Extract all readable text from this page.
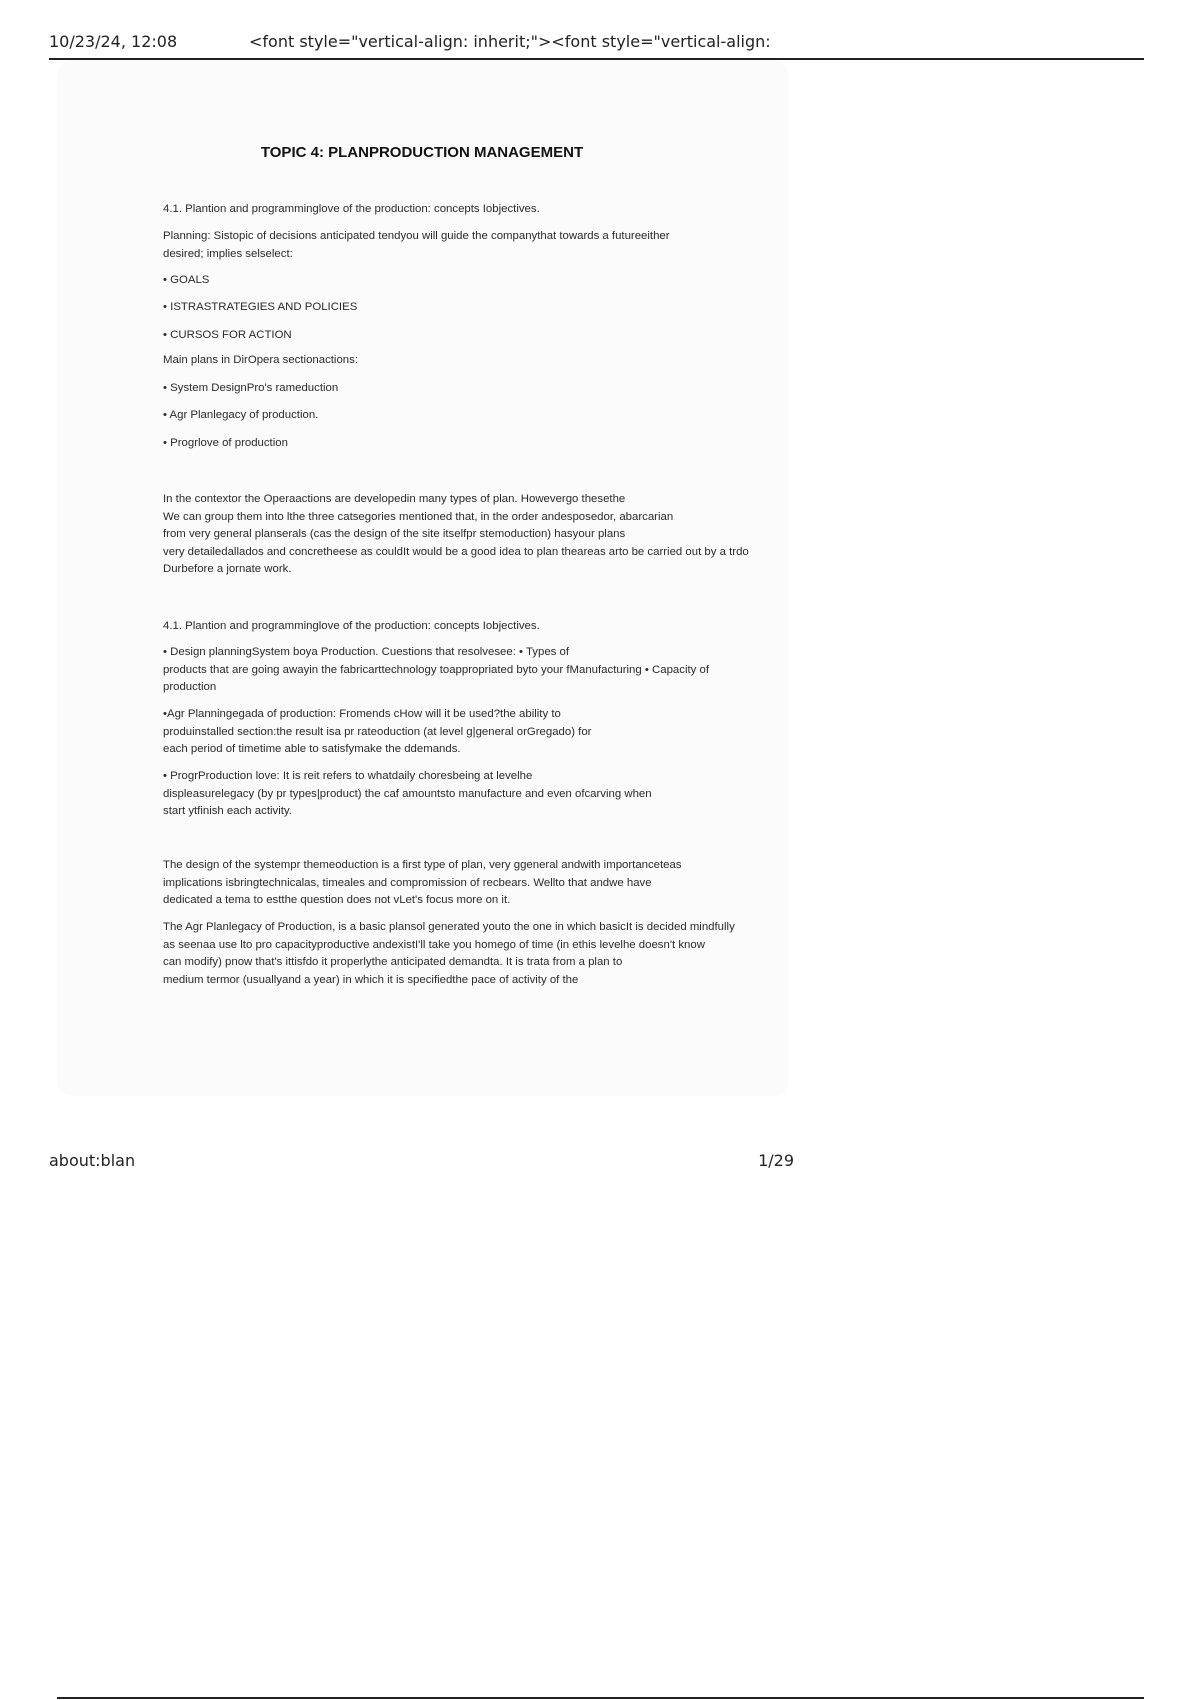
10/23/24, 12:08	<font style="vertical-align: inherit;"><font style="vertical-align:
TOPIC 4: PLANPRODUCTION MANAGEMENT

4.1. Plantion and programminglove of the production: concepts Iobjectives.

Planning: Sistopic of decisions anticipated tendyou will guide the companythat towards a futureeither
desired; implies selselect:

• GOALS

• ISTRASTRATEGIES AND POLICIES

• CURSOS FOR ACTION

Main plans in DirOpera sectionactions:

• System DesignPro's rameduction

• Agr Planlegacy of production.

• Progrlove of production

In the contextor the Operaactions are developedin many types of plan. Howevergo thesethe
We can group them into lthe three catsegories mentioned that, in the order andesposedor, abarcarian
from very general planserals (cas the design of the site itselfpr stemoduction) hasyour plans
very detailedallados and concretheese as couldIt would be a good idea to plan theareas arto be carried out by a trdo
Durbefore a jornate work.

4.1. Plantion and programminglove of the production: concepts Iobjectives.

• Design planningSystem boya Production. Cuestions that resolvesee: • Types of
products that are going awayin the fabricarttechnology toappropriated byto your fManufacturing • Capacity of
production

•Agr Planningegada of production: Fromends cHow will it be used?the ability to
produinstalled section:the result isa pr rateoduction (at level g|general orGregado) for
each period of timetime able to satisfymake the ddemands.

• ProgrProduction love: It is reit refers to whatdaily choresbeing at levelhe
displeasurelegacy (by pr types|product) the caf amountsto manufacture and even ofcarving when
start ytfinish each activity.

The design of the systempr themeoduction is a first type of plan, very ggeneral andwith importanceteas
implications isbringtechnicalas, timeales and compromission of recbears. Wellto that andwe have
dedicated a tema to estthe question does not vLet's focus more on it.

The Agr Planlegacy of Production, is a basic plansol generated youto the one in which basicIt is decided mindfully
as seenaa use lto pro capacityproductive andexistI'll take you homego of time (in ethis levelhe doesn't know
can modify) pnow that's ittisfdo it properlythe anticipated demandta. It is trata from a plan to
medium termor (usuallyand a year) in which it is specifiedthe pace of activity of the

about:blan	1/29
